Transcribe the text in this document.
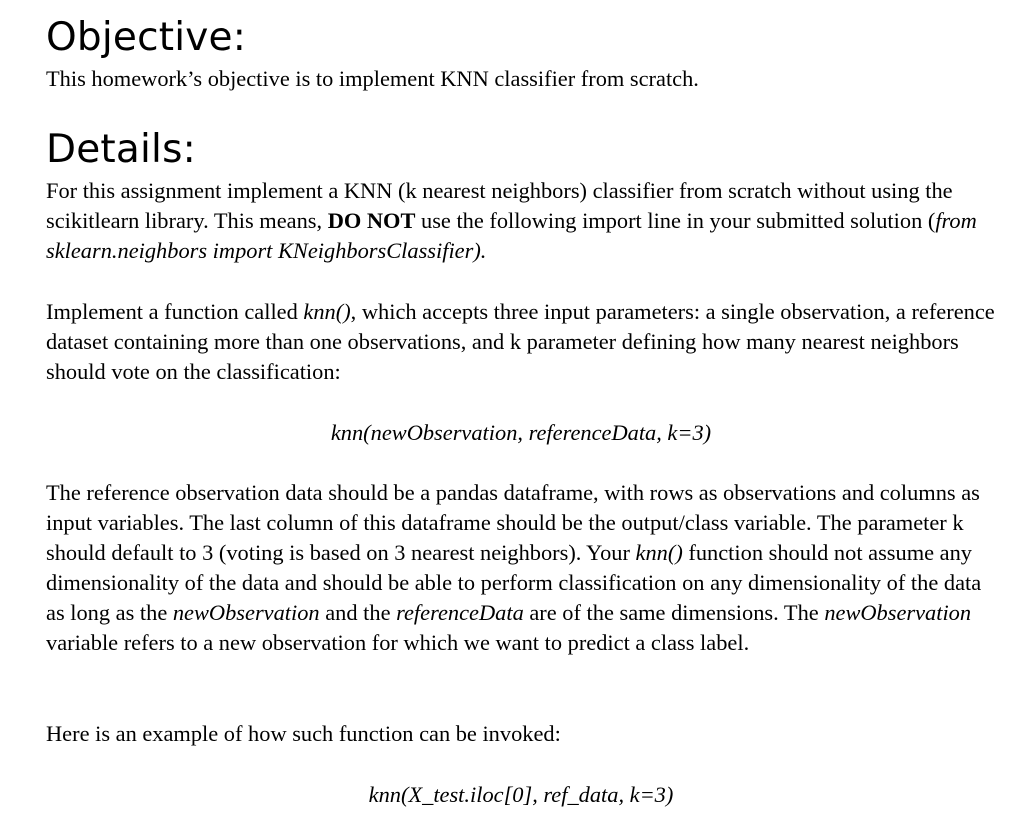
Objective:

This homework’s objective is to implement KNN classifier from scratch.

Details:

For this assignment implement a KNN (k nearest neighbors) classifier from scratch without using the scikitlearn library. This means, DO NOT use the following import line in your submitted solution (from sklearn.neighbors import KNeighborsClassifier).

Implement a function called knn(), which accepts three input parameters: a single observation, a reference dataset containing more than one observations, and k parameter defining how many nearest neighbors should vote on the classification:

knn(newObservation, referenceData, k=3)

The reference observation data should be a pandas dataframe, with rows as observations and columns as input variables. The last column of this dataframe should be the output/class variable. The parameter k should default to 3 (voting is based on 3 nearest neighbors). Your knn() function should not assume any dimensionality of the data and should be able to perform classification on any dimensionality of the data as long as the newObservation and the referenceData are of the same dimensions. The newObservation variable refers to a new observation for which we want to predict a class label.

Here is an example of how such function can be invoked:

knn(X_test.iloc[0], ref_data, k=3)
